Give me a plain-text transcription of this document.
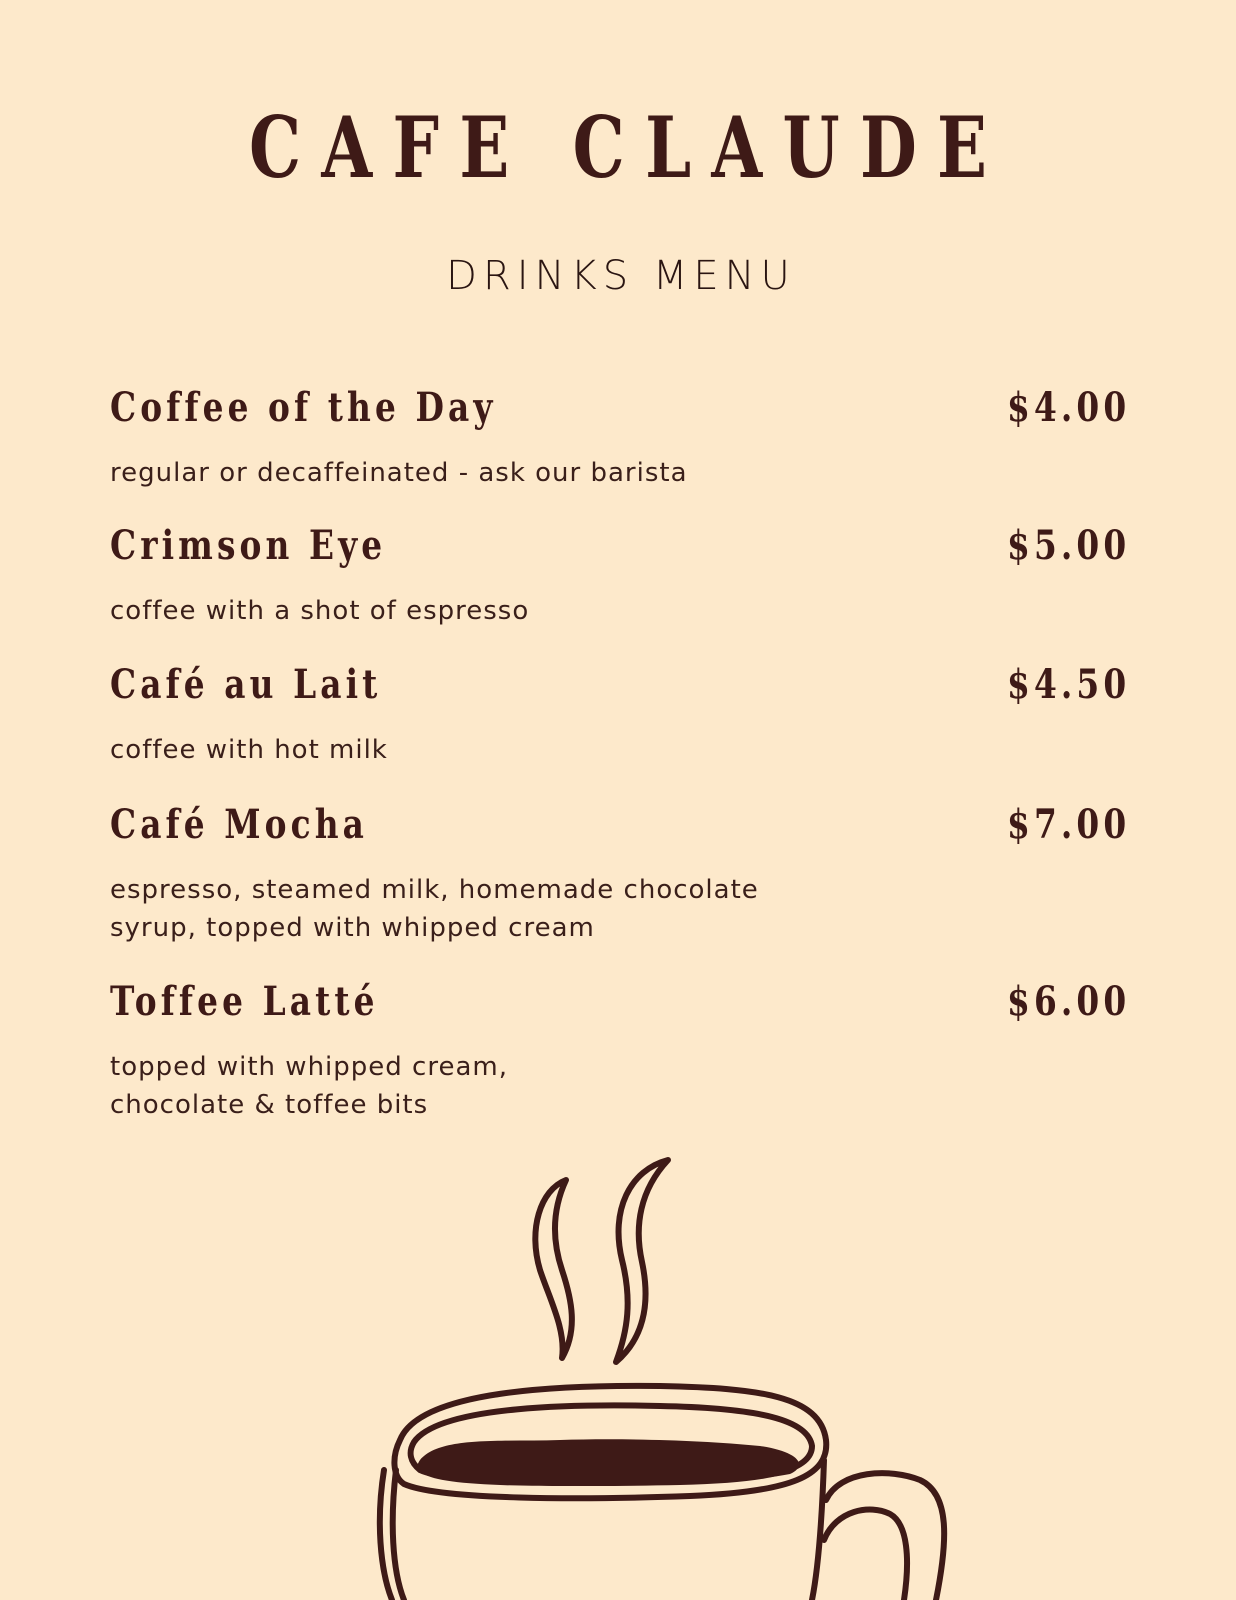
CAFE CLAUDE
DRINKS MENU
Coffee of the Day	$4.00
regular or decaffeinated - ask our barista
Crimson Eye	$5.00
coffee with a shot of espresso
Café au Lait	$4.50
coffee with hot milk
Café Mocha	$7.00
espresso, steamed milk, homemade chocolate syrup, topped with whipped cream
Toffee Latté	$6.00
topped with whipped cream, chocolate & toffee bits
